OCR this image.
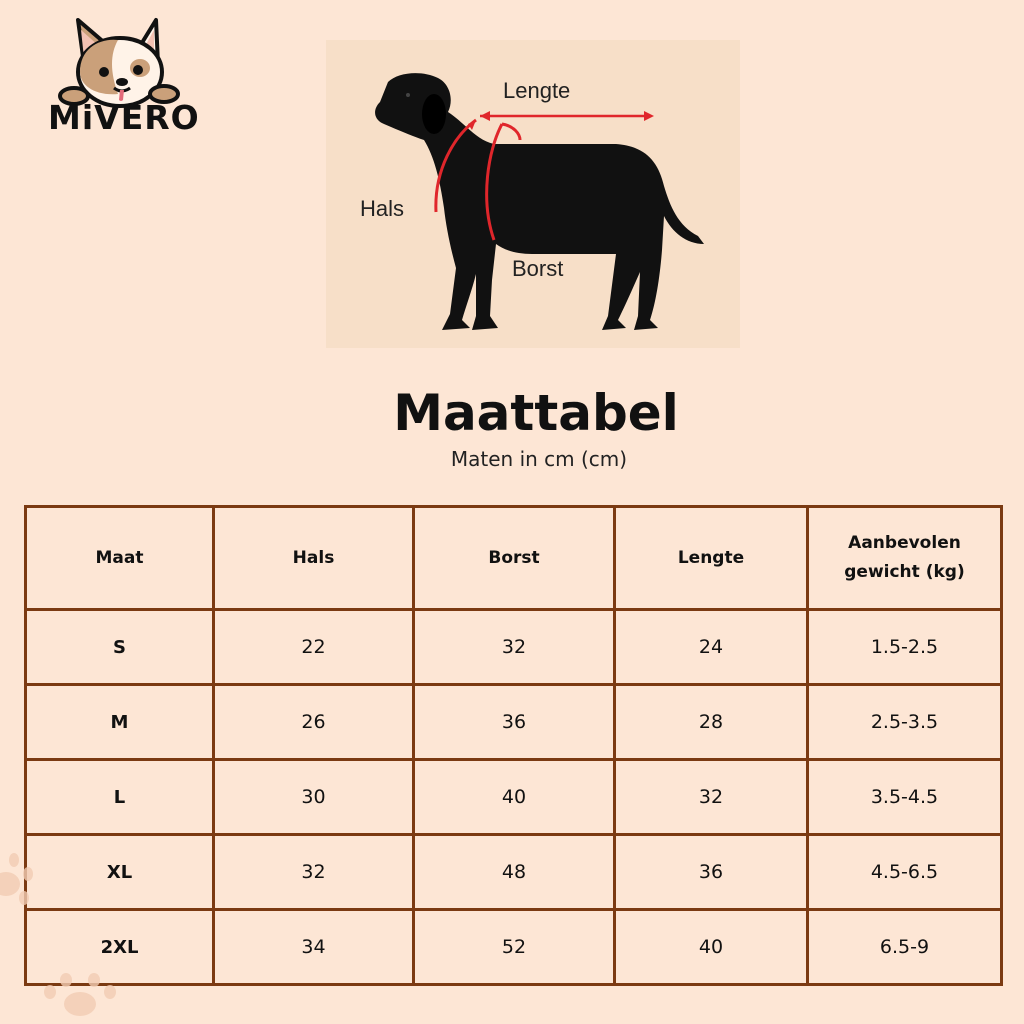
MiVERO
Lengte
Hals
Borst
Maattabel
Maten in cm (cm)
Maat	Hals	Borst	Lengte	Aanbevolen gewicht (kg)
S	22	32	24	1.5-2.5
M	26	36	28	2.5-3.5
L	30	40	32	3.5-4.5
XL	32	48	36	4.5-6.5
2XL	34	52	40	6.5-9
